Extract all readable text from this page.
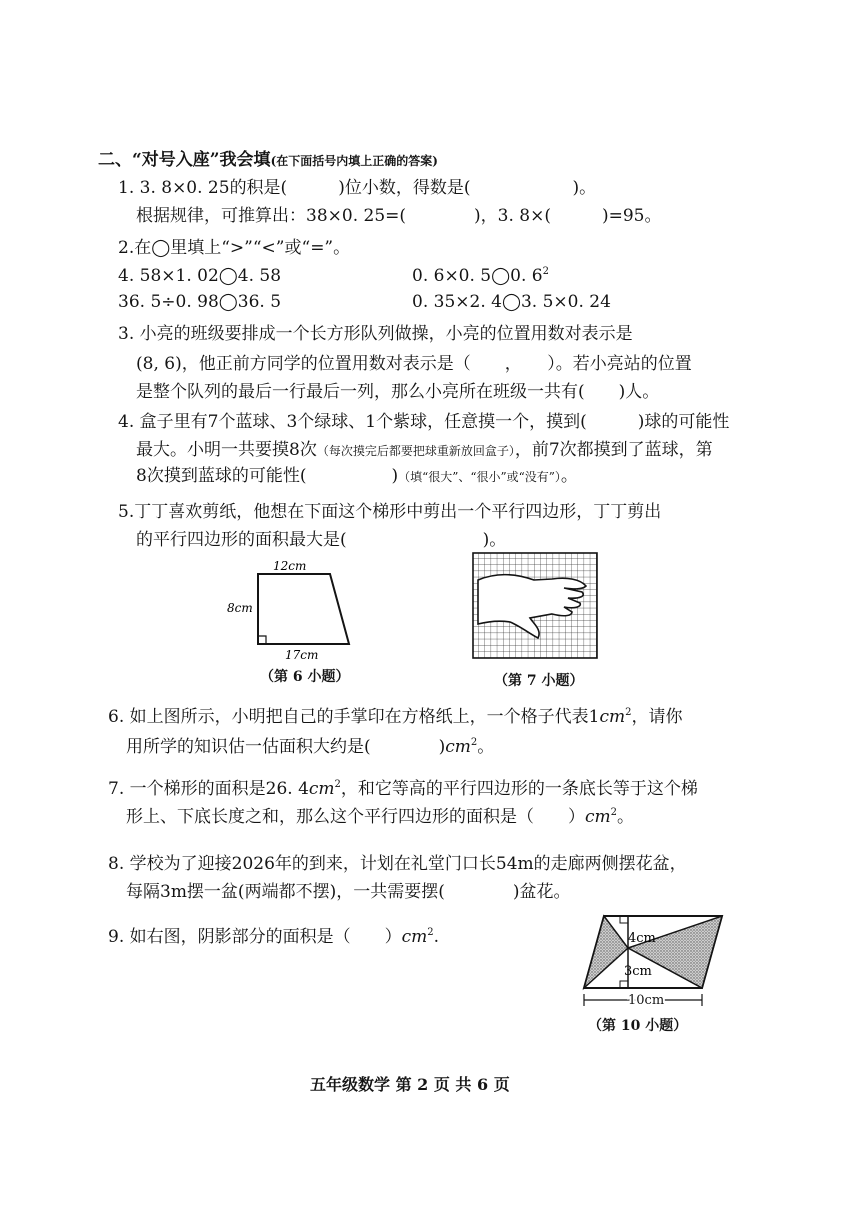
二、“对号入座”我会填(在下面括号内填上正确的答案)
1. 3. 8×0. 25的积是(　　　)位小数，得数是(　　　　　　)。
根据规律，可推算出：38×0. 25=(　　　　)，3. 8×(　　　)=95。
2.在◯里填上“>”“<”或“=”。
4. 58×1. 02◯4. 58	0. 6×0. 5◯0. $6^2$
36. 5÷0. 98◯36. 5	0. 35×2. 4◯3. 5×0. 24
3. 小亮的班级要排成一个长方形队列做操，小亮的位置用数对表示是
(8, 6)，他正前方同学的位置用数对表示是（　　，　　）。若小亮站的位置
是整个队列的最后一行最后一列，那么小亮所在班级一共有(　　)人。
4. 盒子里有7个蓝球、3个绿球、1个紫球，任意摸一个，摸到(　　　)球的可能性
最大。小明一共要摸8次（每次摸完后都要把球重新放回盒子），前7次都摸到了蓝球，第
8次摸到蓝球的可能性(　　　　　)（填“很大”、“很小”或“没有”）。
5.丁丁喜欢剪纸，他想在下面这个梯形中剪出一个平行四边形，丁丁剪出
的平行四边形的面积最大是(　　　　　　　　)。
12cm
8cm
17cm
（第 6 小题）	（第 7 小题）
6. 如上图所示，小明把自己的手掌印在方格纸上，一个格子代表$1cm^2$，请你
用所学的知识估一估面积大约是(　　　　)$cm^2$。
7. 一个梯形的面积是26. $4cm^2$，和它等高的平行四边形的一条底长等于这个梯
形上、下底长度之和，那么这个平行四边形的面积是（　　）$cm^2$。
8. 学校为了迎接2026年的到来，计划在礼堂门口长54m的走廊两侧摆花盆，
每隔3m摆一盆(两端都不摆)，一共需要摆(　　　　)盆花。
9. 如右图，阴影部分的面积是（　　）$cm^2$.	4cm
3cm
10cm
（第 10 小题）
五年级数学 第 2 页 共 6 页
